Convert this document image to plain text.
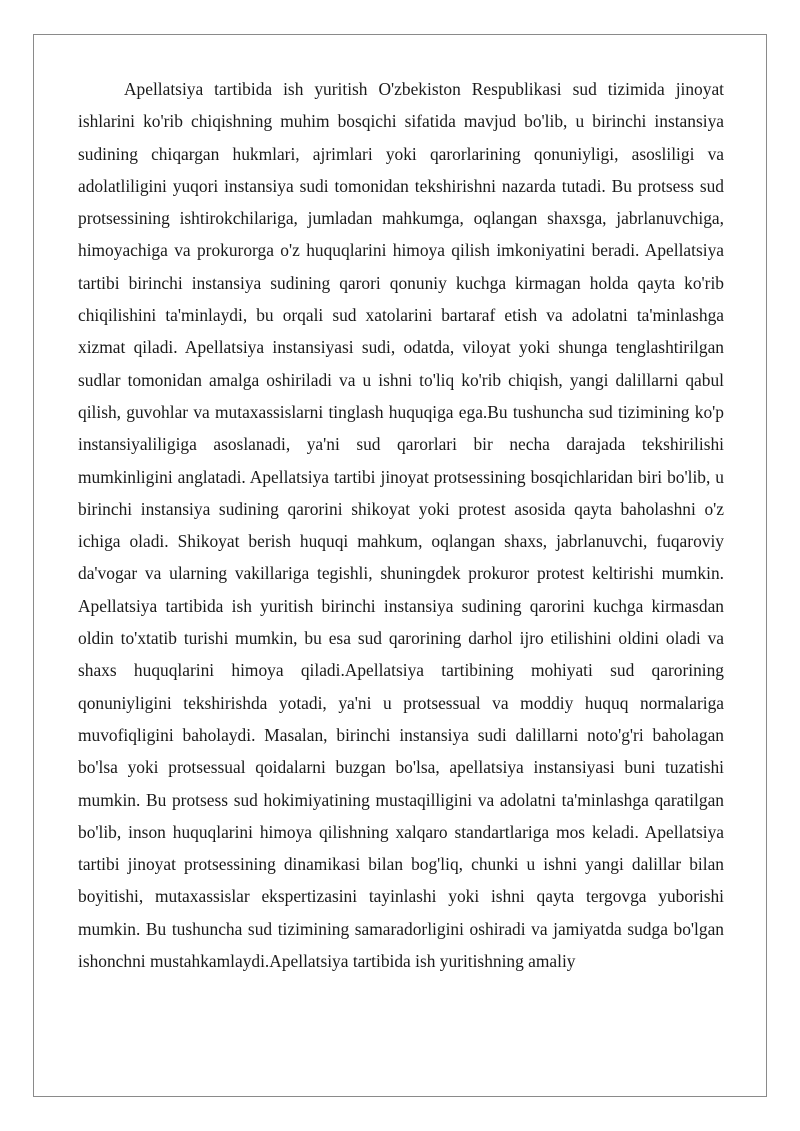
Apellatsiya tartibida ish yuritish O'zbekiston Respublikasi sud tizimida jinoyat ishlarini ko'rib chiqishning muhim bosqichi sifatida mavjud bo'lib, u birinchi instansiya sudining chiqargan hukmlari, ajrimlari yoki qarorlarining qonuniyligi, asosliligi va adolatliligini yuqori instansiya sudi tomonidan tekshirishni nazarda tutadi. Bu protsess sud protsessining ishtirokchilariga, jumladan mahkumga, oqlangan shaxsga, jabrlanuvchiga, himoyachiga va prokurorga o'z huquqlarini himoya qilish imkoniyatini beradi. Apellatsiya tartibi birinchi instansiya sudining qarori qonuniy kuchga kirmagan holda qayta ko'rib chiqilishini ta'minlaydi, bu orqali sud xatolarini bartaraf etish va adolatni ta'minlashga xizmat qiladi. Apellatsiya instansiyasi sudi, odatda, viloyat yoki shunga tenglashtirilgan sudlar tomonidan amalga oshiriladi va u ishni to'liq ko'rib chiqish, yangi dalillarni qabul qilish, guvohlar va mutaxassislarni tinglash huquqiga ega.Bu tushuncha sud tizimining ko'p instansiyaliligiga asoslanadi, ya'ni sud qarorlari bir necha darajada tekshirilishi mumkinligini anglatadi. Apellatsiya tartibi jinoyat protsessining bosqichlaridan biri bo'lib, u birinchi instansiya sudining qarorini shikoyat yoki protest asosida qayta baholashni o'z ichiga oladi. Shikoyat berish huquqi mahkum, oqlangan shaxs, jabrlanuvchi, fuqaroviy da'vogar va ularning vakillariga tegishli, shuningdek prokuror protest keltirishi mumkin. Apellatsiya tartibida ish yuritish birinchi instansiya sudining qarorini kuchga kirmasdan oldin to'xtatib turishi mumkin, bu esa sud qarorining darhol ijro etilishini oldini oladi va shaxs huquqlarini himoya qiladi.Apellatsiya tartibining mohiyati sud qarorining qonuniyligini tekshirishda yotadi, ya'ni u protsessual va moddiy huquq normalariga muvofiqligini baholaydi. Masalan, birinchi instansiya sudi dalillarni noto'g'ri baholagan bo'lsa yoki protsessual qoidalarni buzgan bo'lsa, apellatsiya instansiyasi buni tuzatishi mumkin. Bu protsess sud hokimiyatining mustaqilligini va adolatni ta'minlashga qaratilgan bo'lib, inson huquqlarini himoya qilishning xalqaro standartlariga mos keladi. Apellatsiya tartibi jinoyat protsessining dinamikasi bilan bog'liq, chunki u ishni yangi dalillar bilan boyitishi, mutaxassislar ekspertizasini tayinlashi yoki ishni qayta tergovga yuborishi mumkin. Bu tushuncha sud tizimining samaradorligini oshiradi va jamiyatda sudga bo'lgan ishonchni mustahkamlaydi.Apellatsiya tartibida ish yuritishning amaliy
